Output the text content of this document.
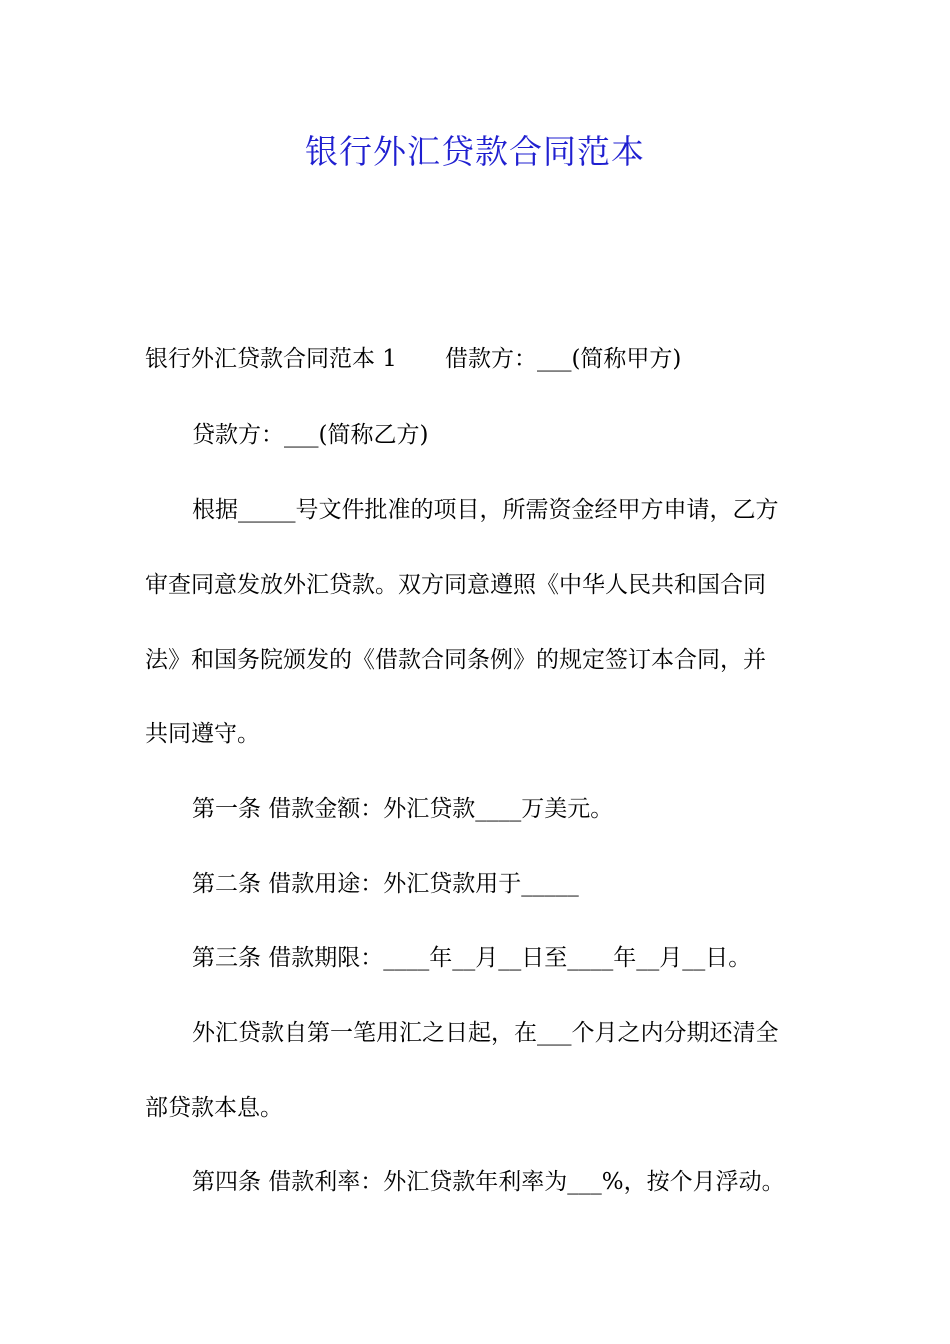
银行外汇贷款合同范本
银行外汇贷款合同范本 1 借款方：___(简称甲方)
贷款方：___(简称乙方)
根据_____号文件批准的项目，所需资金经甲方申请，乙方
审查同意发放外汇贷款。双方同意遵照《中华人民共和国合同
法》和国务院颁发的《借款合同条例》的规定签订本合同，并
共同遵守。
第一条 借款金额：外汇贷款____万美元。
第二条 借款用途：外汇贷款用于_____
第三条 借款期限：____年__月__日至____年__月__日。
外汇贷款自第一笔用汇之日起，在___个月之内分期还清全
部贷款本息。
第四条 借款利率：外汇贷款年利率为___%，按个月浮动。
